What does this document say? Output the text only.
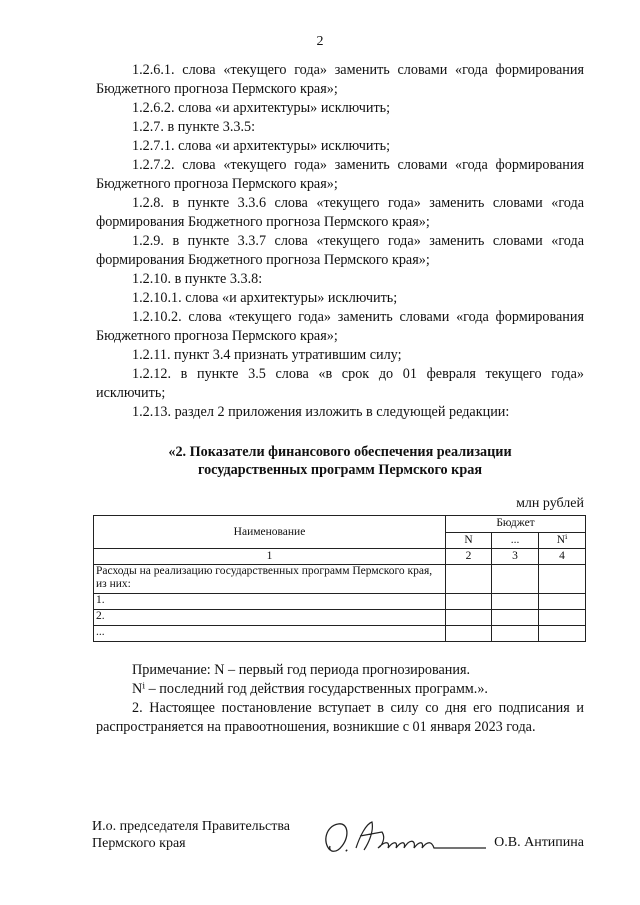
2

1.2.6.1. слова «текущего года» заменить словами «года формирования Бюджетного прогноза Пермского края»;

1.2.6.2. слова «и архитектуры» исключить;

1.2.7. в пункте 3.3.5:

1.2.7.1. слова «и архитектуры» исключить;

1.2.7.2. слова «текущего года» заменить словами «года формирования Бюджетного прогноза Пермского края»;

1.2.8. в пункте 3.3.6 слова «текущего года» заменить словами «года формирования Бюджетного прогноза Пермского края»;

1.2.9. в пункте 3.3.7 слова «текущего года» заменить словами «года формирования Бюджетного прогноза Пермского края»;

1.2.10. в пункте 3.3.8:

1.2.10.1. слова «и архитектуры» исключить;

1.2.10.2. слова «текущего года» заменить словами «года формирования Бюджетного прогноза Пермского края»;

1.2.11. пункт 3.4 признать утратившим силу;

1.2.12. в пункте 3.5 слова «в срок до 01 февраля текущего года» исключить;

1.2.13. раздел 2 приложения изложить в следующей редакции:

«2. Показатели финансового обеспечения реализации
государственных программ Пермского края
млн рублей
Наименование	Бюджет		
	N	...	Nⁱ
1	2	3	4
Расходы на реализацию государственных программ Пермского края, из них:			
1.			
2.			
...			

Примечание: N – первый год периода прогнозирования.

Nⁱ – последний год действия государственных программ.».

2. Настоящее постановление вступает в силу со дня его подписания и распространяется на правоотношения, возникшие с 01 января 2023 года.

И.о. председателя Правительства
Пермского края	О.В. Антипина
